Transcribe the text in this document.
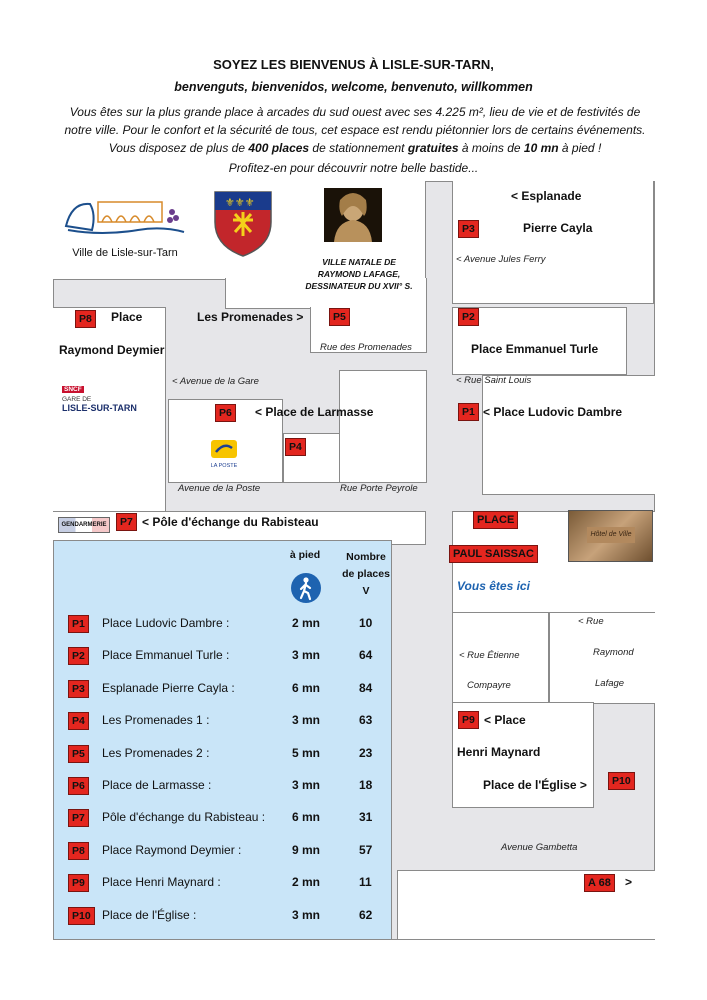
SOYEZ LES BIENVENUS À LISLE-SUR-TARN,
benvenguts, bienvenidos, welcome, benvenuto, willkommen
Vous êtes sur la plus grande place à arcades du sud ouest avec ses 4.225 m², lieu de vie et de festivités de notre ville. Pour le confort et la sécurité de tous, cet espace est rendu piétonnier lors de certains événements. Vous disposez de plus de 400 places de stationnement gratuites à moins de 10 mn à pied !
Profitez-en pour découvrir notre belle bastide...
Ville de Lisle-sur-Tarn
⚜⚜⚜
VILLE NATALE DE
RAYMOND LAFAGE,
DESSINATEUR DU XVII° S.
< Esplanade
P3	Pierre Cayla
< Avenue Jules Ferry
P8	Place
Raymond Deymier
Les Promenades >	P5
Rue des Promenades
P2
Place Emmanuel Turle
< Rue Saint Louis
SNCF
GARE DE
LISLE-SUR-TARN
< Avenue de la Gare
P6	< Place de Larmasse
LA POSTE
P4
Avenue de la Poste	Rue Porte Peyrole
P1 < Place Ludovic Dambre
GENDARMERIE	P7 < Pôle d'échange du Rabisteau	PLACE
PAUL SAISSAC
Vous êtes ici
Hôtel de Ville
< Rue
Raymond
Lafage
< Rue Étienne
Compayre
P9 < Place
Henri Maynard
Place de l'Église >	P10
Avenue Gambetta
A 68	>
à pied	Nombre
de places
V
P1	Place Ludovic Dambre :	2 mn	10
P2	Place Emmanuel Turle :	3 mn	64
P3	Esplanade Pierre Cayla :	6 mn	84
P4	Les Promenades 1 :	3 mn	63
P5	Les Promenades 2 :	5 mn	23
P6	Place de Larmasse :	3 mn	18
P7	Pôle d'échange du Rabisteau : 6 mn	31
P8	Place Raymond Deymier :	9 mn	57
P9	Place Henri Maynard :	2 mn	11
P10 Place de l'Église :	3 mn	62
